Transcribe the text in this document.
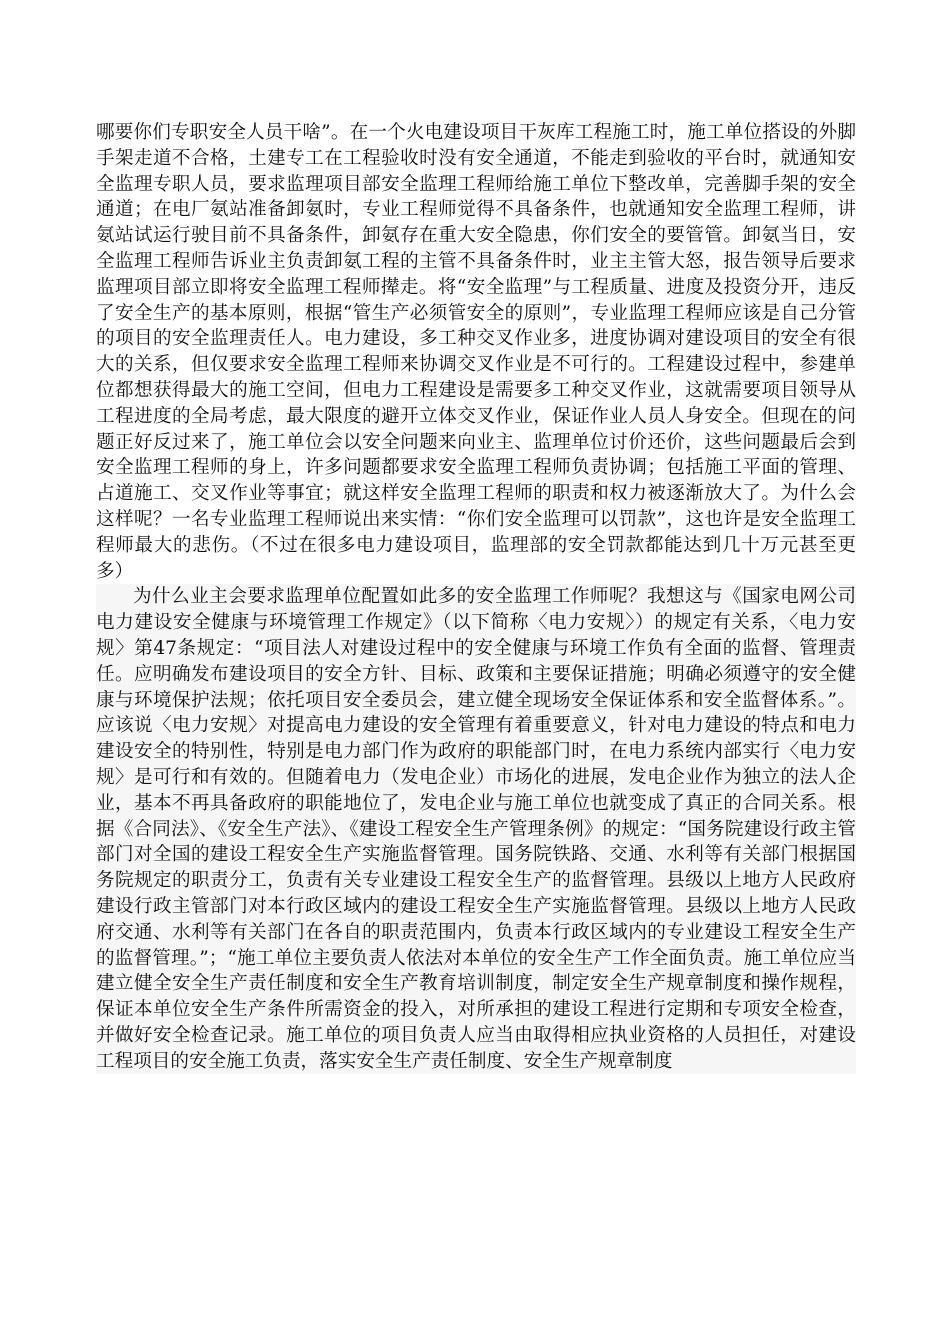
哪要你们专职安全人员干啥”。在一个火电建设项目干灰库工程施工时，施工单位搭设的外脚手架走道不合格，土建专工在工程验收时没有安全通道，不能走到验收的平台时，就通知安全监理专职人员，要求监理项目部安全监理工程师给施工单位下整改单，完善脚手架的安全通道；在电厂氨站准备卸氨时，专业工程师觉得不具备条件，也就通知安全监理工程师，讲氨站试运行驶目前不具备条件，卸氨存在重大安全隐患，你们安全的要管管。卸氨当日，安全监理工程师告诉业主负责卸氨工程的主管不具备条件时，业主主管大怒，报告领导后要求监理项目部立即将安全监理工程师撵走。将“安全监理”与工程质量、进度及投资分开，违反了安全生产的基本原则，根据“管生产必须管安全的原则”，专业监理工程师应该是自己分管的项目的安全监理责任人。电力建设，多工种交叉作业多，进度协调对建设项目的安全有很大的关系，但仅要求安全监理工程师来协调交叉作业是不可行的。工程建设过程中，参建单位都想获得最大的施工空间，但电力工程建设是需要多工种交叉作业，这就需要项目领导从工程进度的全局考虑，最大限度的避开立体交叉作业，保证作业人员人身安全。但现在的问题正好反过来了，施工单位会以安全问题来向业主、监理单位讨价还价，这些问题最后会到安全监理工程师的身上，许多问题都要求安全监理工程师负责协调；包括施工平面的管理、占道施工、交叉作业等事宜；就这样安全监理工程师的职责和权力被逐渐放大了。为什么会这样呢？一名专业监理工程师说出来实情：“你们安全监理可以罚款”，这也许是安全监理工程师最大的悲伤。（不过在很多电力建设项目，监理部的安全罚款都能达到几十万元甚至更多）

为什么业主会要求监理单位配置如此多的安全监理工作师呢？我想这与《国家电网公司电力建设安全健康与环境管理工作规定》（以下简称〈电力安规〉）的规定有关系，〈电力安规〉第47条规定：“项目法人对建设过程中的安全健康与环境工作负有全面的监督、管理责任。应明确发布建设项目的安全方针、目标、政策和主要保证措施；明确必须遵守的安全健康与环境保护法规；依托项目安全委员会，建立健全现场安全保证体系和安全监督体系。”。应该说〈电力安规〉对提高电力建设的安全管理有着重要意义，针对电力建设的特点和电力建设安全的特别性，特别是电力部门作为政府的职能部门时，在电力系统内部实行〈电力安规〉是可行和有效的。但随着电力（发电企业）市场化的进展，发电企业作为独立的法人企业，基本不再具备政府的职能地位了，发电企业与施工单位也就变成了真正的合同关系。根据《合同法》、《安全生产法》、《建设工程安全生产管理条例》的规定：“国务院建设行政主管部门对全国的建设工程安全生产实施监督管理。国务院铁路、交通、水利等有关部门根据国务院规定的职责分工，负责有关专业建设工程安全生产的监督管理。县级以上地方人民政府建设行政主管部门对本行政区域内的建设工程安全生产实施监督管理。县级以上地方人民政府交通、水利等有关部门在各自的职责范围内，负责本行政区域内的专业建设工程安全生产的监督管理。”；“施工单位主要负责人依法对本单位的安全生产工作全面负责。施工单位应当建立健全安全生产责任制度和安全生产教育培训制度，制定安全生产规章制度和操作规程，保证本单位安全生产条件所需资金的投入，对所承担的建设工程进行定期和专项安全检查，并做好安全检查记录。施工单位的项目负责人应当由取得相应执业资格的人员担任，对建设工程项目的安全施工负责，落实安全生产责任制度、安全生产规章制度
